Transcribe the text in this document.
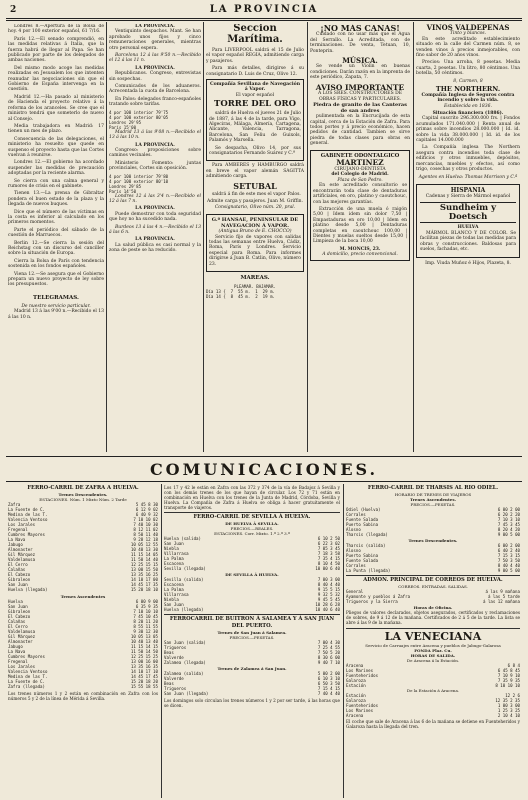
2	LA PROVINCIA

Londres 8.—Apertura de la Bolsa de hoy. 4 por 100 exterior español, 61 7/16.

París 12.—El senado comprendió, en las medidas relativas á Italia, que la fuerza habrá de llegar al Papa. Se han publicado por parte de los delegados de ambas naciones.

Del mismo modo acoge las medidas realizadas en Jesusalem los que intenten reanudar las negociaciones sin que el Gobierno de España intervenga en la cuestión.

Madrid 12.—Ha pasado al ministerio de Hacienda el proyecto relativo á la reforma de los aranceles. Se cree que el ministro tendrá que someterlo de nuevo al Consejo.

Media trabajadora en Madrid: 17 tienen un mes de plazo.

Consecuencia de las delegaciones, el ministerio ha resuelto que quede en suspenso el proyecto hasta que las Cortes vuelvan á reunirse.

Londres 12.—El gobierno ha acordado suspender las medidas de precaución adoptadas por la reciente alarma.

Se cierra con una calma general y rumores de crisis en el gabinete.

Tienen 13.—La prensa de Gibraltar pondera el buen estado de la plaza y la llegada de nuevos buques.

Dice que el número de las víctimas en la costa es inferior al calculado en los primeros momentos.

Parte el periódico del sábado de la cuestión de Marruecos.

Berlin 12.—Se cierra la sesión del Reichstag con un discurso del canciller sobre la situación de Europa.

Cierra la Bolsa de París con tendencia sostenida en los fondos españoles.

Viena 12.—Se asegura que el Gobierno prepara un nuevo proyecto de ley sobre los presupuestos.

TELEGRAMAS.
De nuestro servicio particular.

Madrid 13 á las 9'00 n.—Recibido el 13 á las 10 n.

LA PROVINCIA.

Ventiquinto despachos. Mant. Se han aprobado unos fijos y cinco remuneraciones generales, mientras otro personal espera.

Barcelona 12 á las 9'50 n.—Recibido el 12 á las 11 n.

LA PROVINCIA.

Republicanos. Congreso, entrevistas sin sospechas.

Comunicados de los aduaneros. Acrecentada la cuota de Barcelona.

En Palos: delegados franco-españoles tratando sobre tarifas.

4 por 100 interior 79'75
4 por 100 exterior 80'05
Londres 29'95
París 15'00

Madrid 13 á las 9'08 n.—Recibido el 13 á las 10 n.

LA PROVINCIA.

Congreso: proposiciones sobre caminos vecinales.

Ministerio Fomento: juntas provinciales, Cortes sin oposición.

4 por 100 interior 79'80
4 por 100 exterior 80'10
Londres 29'85
París 14'50

Londres 12 á las 3'4 n.—Recibido el 12 á las 7 n.

LA PROVINCIA.

Puede demostrar con toda seguridad que hoy no ha sucedido nada.

Burdeos 13 á las 4 n.—Recibido el 13 á las 6 n.

LA PROVINCIA.

La salud pública es casi normal y la zona de peste se ha reducido.

Seccion Marítima.

Para LIVERPOOL saldrá el 15 de Julio el vapor español REGIA, admitiendo carga y pasajeros.

Para más detalles, dirigirse á su consignatario D. Luis de Cruz, Olivo 12.

Compañía Sevillana de Navegación á Vapor.
El vapor español
TORRE DEL ORO

saldrá de Huelva el jueves 21 de Julio de 1887, á las 4 de la tarde, para Vigo, Algeciras, Málaga, Almería, Cartagena, Alicante, Valencia, Tarragona, Barcelona, San Feliu de Guixols, Palamós y Marsella.

Se despacha, Olivo 14, por sus consignatarios Fernando Suárez y C.ª

Para AMBERES y HAMBURGO saldrá en breve el vapor alemán SAGITTA admitiendo carga.

SETUBAL

saldrá á fin de este mes el vapor Palos.

Admite carga y pasajeros. Juan M. Griffin.
Consignatario, Olivo núm. 20, pral.
G.ª HANSAE, PENINSULAR DE NAVEGACION Á VAPOR.
(Antigua Bruno de E. CHOCCO)

Servicio fijo de vapores con salidas todas las semanas entre Huelva, Cádiz, Roma, París y Londres. Servicio especial para Roma. Para informes dirigirse á Juan B. Catlin, Olivo, número 23.

MAREAS.
PLEAMAR. BAJAMAR.
Día 13 {  7  55 m.  1  29 m.
Día 14 {  8  45 m.  2  19 m.
¡NO MÁS CANAS!

Cuidado con no usar más que el Agua del Serrallo. La Acreditada, con de terminaciones. De venta, Tetuan, 10, Ponteprin.

MÚSICA.

Se vende un Violin en buenas condiciones. Darán razón en la imprenta de este periódico, Zapata, 7.

AVISO IMPORTANTE
A LOS SRES. CONSTRUCTORES DE OBRAS FÍSICAS Y PARTICULARES.
Piedra de granito de las Canteras de san andres

pulimentada en la Encrucijada de esta capital, cerca de la Estación de Zafra. Para todos portes y á precio económico, hacen pedidos de cantidad. Tambien se sirve piedra de todas clases para obras en general.

GABINETE ODONTALGICO
MARTINEZ
CIRUJANO-DENTISTA
del Colegio de Madrid.
Plaza de San Pedro.

En este acreditado consultorio se encontrarán toda clase de dentaduras artificiales, en oro, platino y caoutchouc, con las mejores garantías.

Extracción de una muela ó raigón 5,00 | Idem idem sin dolor 7,50 | Empastaduras en oro 10,00 | Idem en platino desde 5,00 | Dentaduras completas en caoutchouc 100,00 | Dientes y muelas sueltos desde 15,00 | Limpieza de la boca 10,00

M. MONCIS, 23.
A domicilio, precio convencional.
VINOS VALDEPEÑAS
Tinto y blancos.

En este acreditado establecimiento situado en la calle del Carmen núm. 8, se venden vinos á precios inmejorables, con fino sabor de 20 años vinos.

Precios: Una arroba, 8 pesetas. Media cuarta, 2 pesetas. Un litro, 80 céntimos. Una botella, 50 céntimos.

8, Carmen, 8
THE NORTHERN.
Compañía Inglesa de Seguros contra incendio y sobre la vida.
Establecida en 1836.
Situación financiera (1886).

Capital suscrito 296.300.000 frs. | Fondos acumulados 171.040.000 | Renta anual de primas sobre incendios 28.000.000 | Id. id. sobre la vida 38.000.000 | Id. id. de los capitales 14.000.000

La Compañía inglesa The Northern asegura contra incendios toda clase de edificios y otros inmuebles, depósitos, mercancías, muebles y efectos, así como trigo, cosechas y otros productos.

Agentes en Huelva: Thomas Morrison y C.ª
HISPANIA
Cadenas y Sierra de Mármol español
Sundheim y Doetsch
HUELVA

MÁRMOL BLANCO Y DE COLOR. Se facilitan piezas de todas las medidas para obras y construcciones. Baldosas para suelos, fachadas, etc.

Imp. Viuda Muñoz é Hijos, Plazeta, 8.
COMUNICACIONES.
FERRO-CARRIL DE ZAFRA Á HUELVA.
Trenes Descendentes.
ESTACIONES. Núm. 1 Mixto Núm. 2 Tarde
Zafra	5 45 8 30
La Fuente de C.	6 12 9 02
Medina de las T.	6 40 9 32
Valencia Ventoso	7 10 10 02
Los Jarales	7 40 10 30
Fregenal	8 12 11 02
Cumbres Mayores	8 50 11 40
La Nava	9 28 12 18
Jabugo	10 05 12 55
Almonaster	10 40 13 30
Gil Márquez	11 15 14 05
Valdelamusa	11 50 14 40
El Cerro	12 25 15 15
Calañas	13 00 15 50
El Cabezo	13 35 16 25
Gibraleon	14 10 17 00
San Juan	14 45 17 35
Huelva (llegada)	15 20 18 10
Trenes Ascendentes
Huelva	6 00 9 00
San Juan	6 35 9 35
Gibraleon	7 10 10 10
El Cabezo	7 45 10 45
Calañas	8 20 11 20
El Cerro	8 55 11 55
Valdelamusa	9 30 12 30
Gil Márquez	10 05 13 05
Almonaster	10 40 13 40
Jabugo	11 15 14 15
La Nava	11 50 14 50
Cumbres Mayores	12 25 15 25
Fregenal	13 00 16 00
Los Jarales	13 35 16 35
Valencia Ventoso	14 10 17 10
Medina de las T.	14 45 17 45
La Fuente de C.	15 20 18 20
Zafra (llegada)	15 55 18 55
Los trenes números 1 y 2 están en combinación en Zafra con los números 5 y 2 de la línea de Mérida á Sevilla.
Los 17 y 42 le están en Zafra con las 372 y 374 de la vía de Badajoz á Sevilla y con los demás trenes de los que hayan de circular. Los 72 y 71 están en combinación en Huelva con los trenes de la Junta de Madrid, Córdoba, Sevilla y Huelva. La Compañía de Zafra á Huelva se obliga á hacer gratuitamente el transporte de viajeros.
FERRO-CARRIL DE SEVILLA Á HUELVA.
DE HUELVA Á SEVILLA.
PRECIOS.—REALES.
ESTACIONES. Corr. Mixto. 1.ª 2.ª 3.ª
Huelva (salida)	6 10 2 50
San Juan	6 22 3 02
Niebla	7 05 3 45
Villarrasa	7 18 3 58
La Palma	7 35 4 15
Escacena	8 10 4 50
Sevilla (llegada)	10 00 6 40
DE SEVILLA Á HUELVA.
Sevilla (salida)	7 00 3 00
Escacena	8 40 4 40
La Palma	9 15 5 15
Villarrasa	9 32 5 32
Niebla	9 45 5 45
San Juan	10 28 6 28
Huelva (llegada)	10 40 6 40
FERROCARRIL DE BUITRON Á SALAMEA Y Á SAN JUAN DEL PUERTO.
Trenes de San Juan á Salamea.
PRECIOS.—PESETAS.
San Juan (salida)	7 00 4 30
Trigueros	7 25 4 55
Beas	7 50 5 20
Valverde	8 30 6 00
Zalamea (llegada)	9 40 7 10
Trenes de Zalamea á San Juan.
Zalamea (salida)	5 00 2 00
Valverde	6 10 3 10
Beas	6 50 3 50
Trigueros	7 15 4 15
San Juan (llegada)	7 40 4 40
Los domingos solo circulan los trenes números 1 y 2 por ser tarde, á las horas que se dicen.
FERRO-CARRIL DE THARSIS AL RIO ODIEL.
HORARIO DE TRENES DE VIAJEROS
Trenes Ascendentes.
PRECIOS.—PESETAS.
Odiel (Huelva)	6 00 2 00
Corrales	6 20 2 20
Fuente Salada	7 10 3 10
Puerto Sabina	7 45 3 45
Alosno	8 20 4 20
Tharsis (llegada)	9 00 5 00
Trenes Descendentes.
Tharsis (salida)	6 00 2 00
Alosno	6 40 2 40
Puerto Sabina	7 15 3 15
Fuente Salada	7 50 3 50
Corrales	8 40 4 40
La Punta (llegada)	9 00 5 00
ADMON. PRINCIPAL DE CORREOS DE HUELVA.
CORREOS. ENTRADAS. SALIDAS.
General	á las 9 mañana
Ayamonte y pueblos á Zafra	á las 5 tarde
Trigueros y la Sierra	á las 12 mañana
Horas de Oficina.
Pliegos de valores declarados, objetos asegurados, certificados y reclamaciones de sobres, de 9 á 12 de la mañana. Certificados de 2 á 5 de la tarde. La lista se abre á las 9 de la mañana.
LA VENECIANA
Servicio de Carruajes entre Aracena y pueblos de Jabugo-Galarosa
FONDA Plaz. Cu.
HORAS DE SALIDA.
De Aracena á la Estación.
Aracena	6 8 4
Los Marines	6 45 8 45
Fuenteheridos	7 10 9 10
Galaroza	7 35 9 35
Estación	8 10 10 10
De la Estación á Aracena.
Estación	12 2 6
Galaroza	12 35 2 35
Fuenteheridos	1 00 3 00
Los Marines	1 25 3 25
Aracena	2 10 4 10
El coche que sale de Aracena á las 6 de la mañana se detiene en Fuenteheridos y Galaroza hasta la llegada del tren.
